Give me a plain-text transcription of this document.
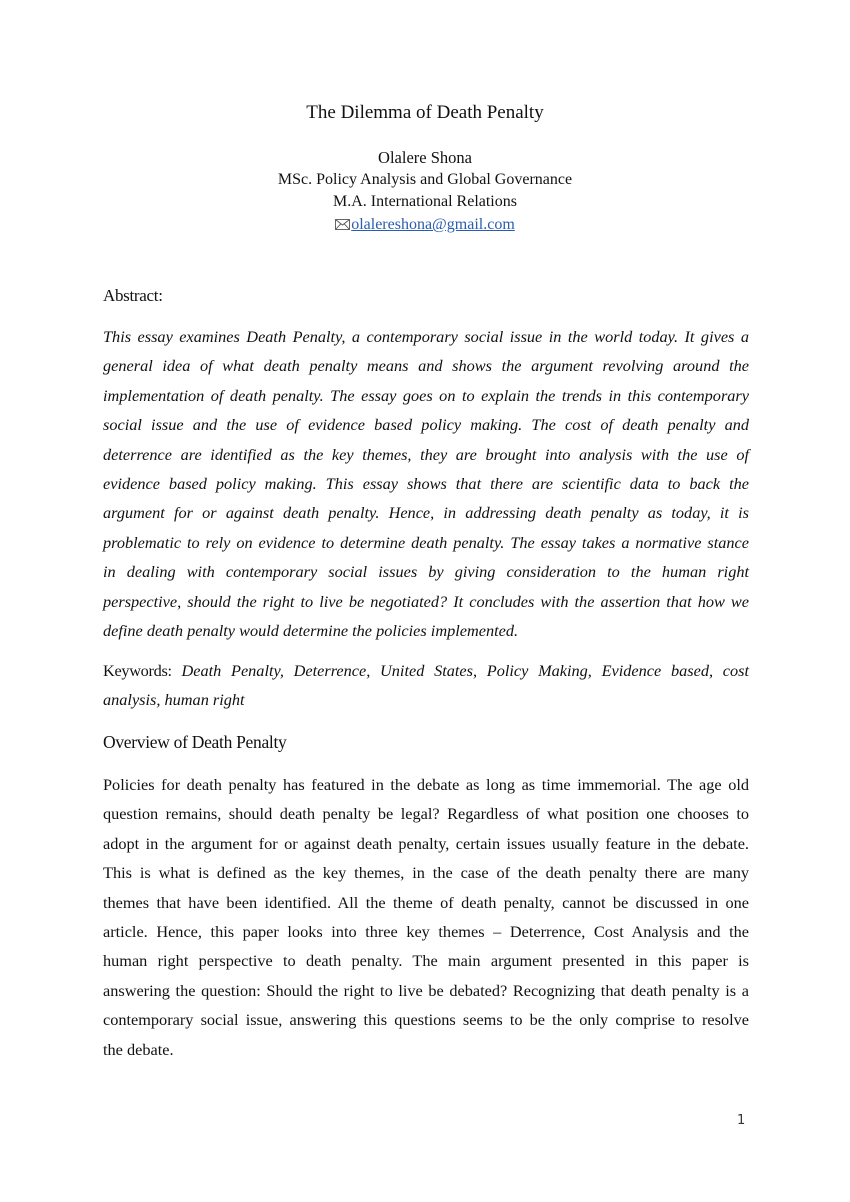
The Dilemma of Death Penalty
Olalere Shona
MSc. Policy Analysis and Global Governance
M.A. International Relations
olalereshona@gmail.com
Abstract:
This essay examines Death Penalty, a contemporary social issue in the world today. It gives a
general idea of what death penalty means and shows the argument revolving around the
implementation of death penalty. The essay goes on to explain the trends in this contemporary
social issue and the use of evidence based policy making. The cost of death penalty and
deterrence are identified as the key themes, they are brought into analysis with the use of
evidence based policy making. This essay shows that there are scientific data to back the
argument for or against death penalty. Hence, in addressing death penalty as today, it is
problematic to rely on evidence to determine death penalty. The essay takes a normative stance
in dealing with contemporary social issues by giving consideration to the human right
perspective, should the right to live be negotiated? It concludes with the assertion that how we
define death penalty would determine the policies implemented.
Keywords: Death Penalty, Deterrence, United States, Policy Making, Evidence based, cost
analysis, human right
Overview of Death Penalty
Policies for death penalty has featured in the debate as long as time immemorial. The age old
question remains, should death penalty be legal? Regardless of what position one chooses to
adopt in the argument for or against death penalty, certain issues usually feature in the debate.
This is what is defined as the key themes, in the case of the death penalty there are many
themes that have been identified. All the theme of death penalty, cannot be discussed in one
article. Hence, this paper looks into three key themes – Deterrence, Cost Analysis and the
human right perspective to death penalty. The main argument presented in this paper is
answering the question: Should the right to live be debated? Recognizing that death penalty is a
contemporary social issue, answering this questions seems to be the only comprise to resolve
the debate.
1
